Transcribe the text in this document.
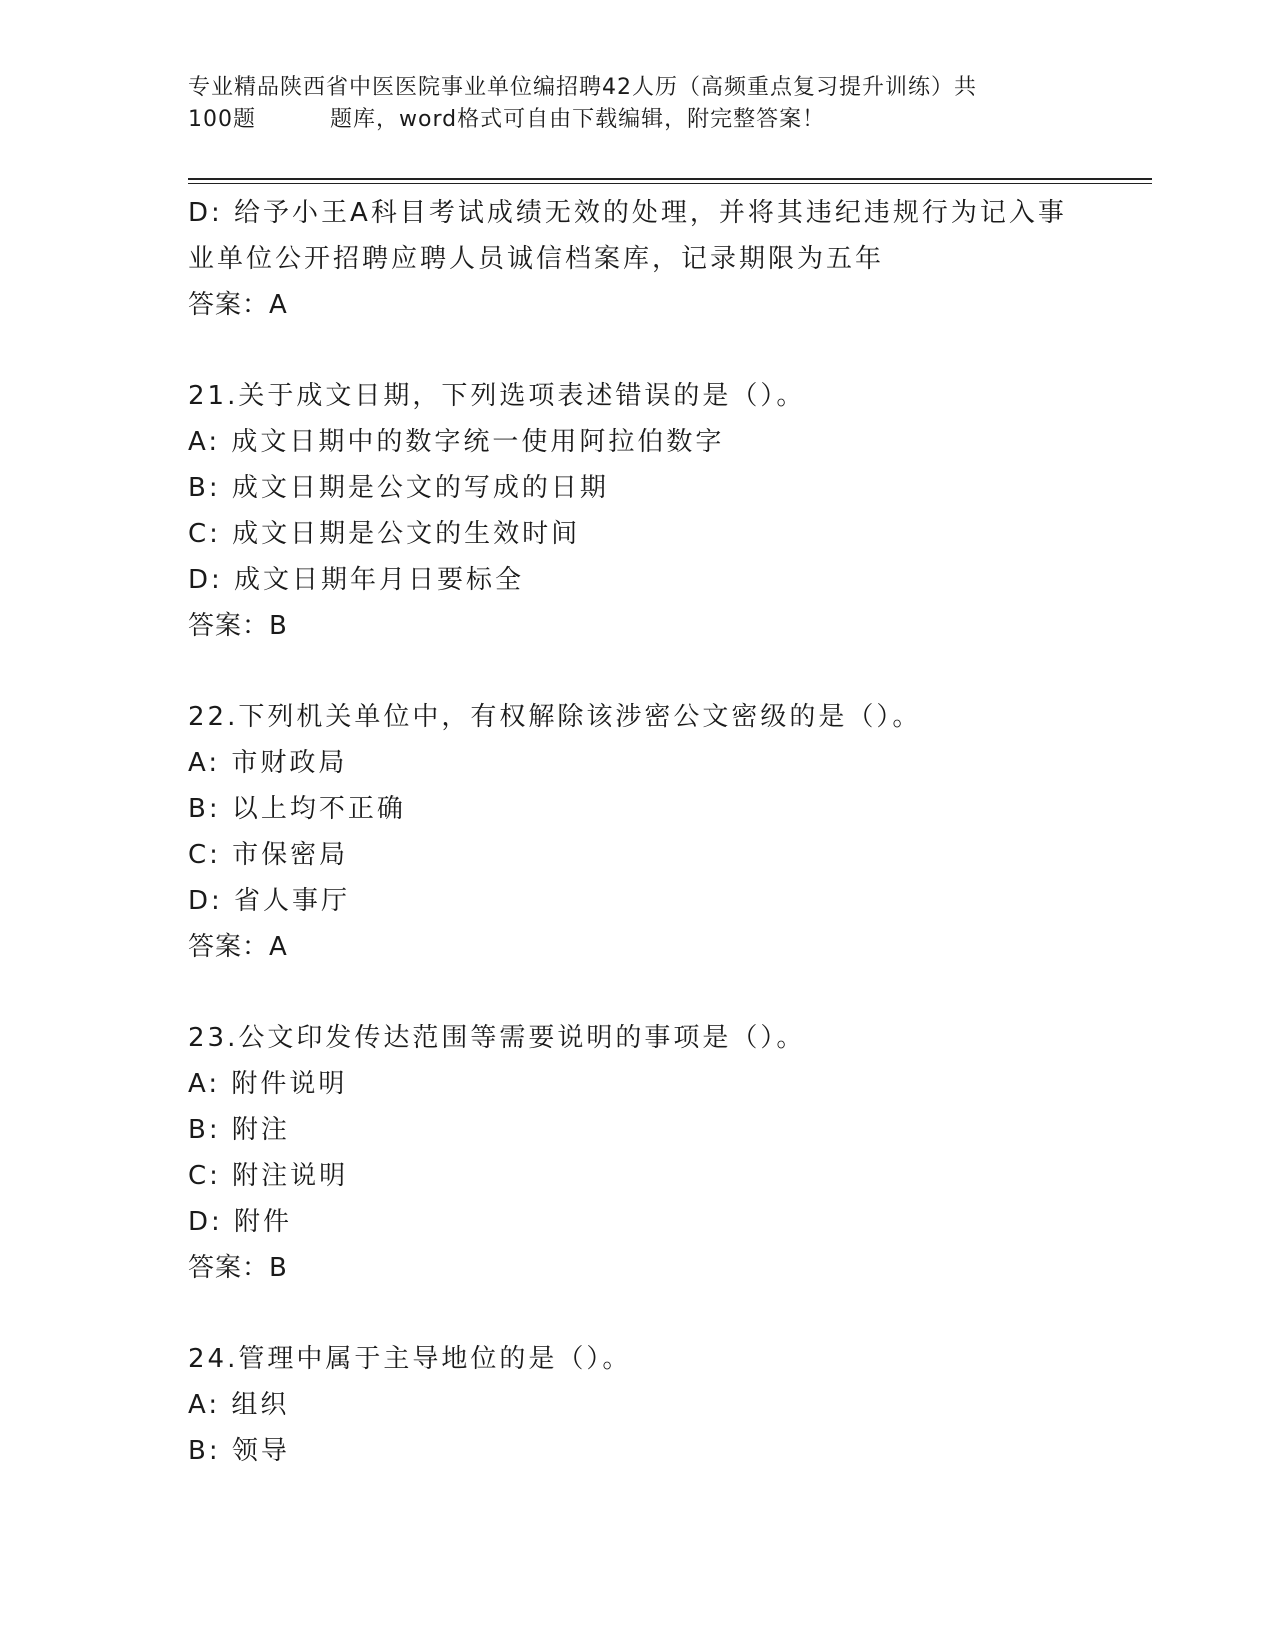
专业精品陕西省中医医院事业单位编招聘42人历（高频重点复习提升训练）共
100题	题库，word格式可自由下载编辑，附完整答案！
D: 给予小王A科目考试成绩无效的处理，并将其违纪违规行为记入事
业单位公开招聘应聘人员诚信档案库，记录期限为五年
答案：A
21.关于成文日期，下列选项表述错误的是（）。
A: 成文日期中的数字统一使用阿拉伯数字
B: 成文日期是公文的写成的日期
C: 成文日期是公文的生效时间
D: 成文日期年月日要标全
答案：B
22.下列机关单位中，有权解除该涉密公文密级的是（）。
A: 市财政局
B: 以上均不正确
C: 市保密局
D: 省人事厅
答案：A
23.公文印发传达范围等需要说明的事项是（）。
A: 附件说明
B: 附注
C: 附注说明
D: 附件
答案：B
24.管理中属于主导地位的是（）。
A: 组织
B: 领导
